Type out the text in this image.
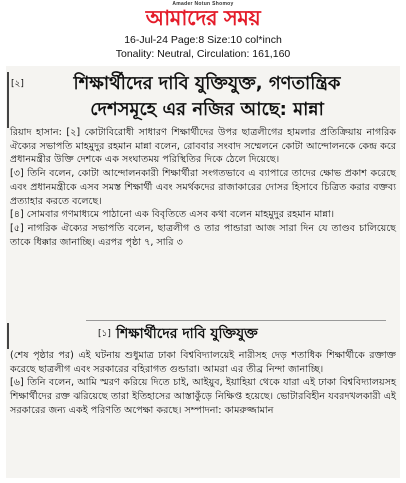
Amader Notun Shomoy
আমাদের সময়
16-Jul-24 Page:8 Size:10 col*inch
Tonality: Neutral, Circulation: 161,160
[২]	শিক্ষার্থীদের দাবি যুক্তিযুক্ত, গণতান্ত্রিক
দেশসমূহে এর নজির আছে: মান্না

রিয়াদ হাসান: [২] কোটাবিরোধী সাধারণ শিক্ষার্থীদের উপর ছাত্রলীগের হামলার প্রতিক্রিয়ায় নাগরিক ঐক্যের সভাপতি মাহমুদুর রহমান মান্না বলেন, রোববার সংবাদ সম্মেলনে কোটা আন্দোলনকে কেন্দ্র করে প্রধানমন্ত্রীর উক্তি দেশকে এক সংঘাতময় পরিস্থিতির দিকে ঠেলে দিয়েছে।

[৩] তিনি বলেন, কোটা আন্দোলনকারী শিক্ষার্থীরা সংগতভাবে এ ব্যাপারে তাদের ক্ষোভ প্রকাশ করেছে এবং প্রধানমন্ত্রীকে এসব সমস্ত শিক্ষার্থী এবং সমর্থকদের রাজাকারের দোসর হিসাবে চিত্রিত করার বক্তব্য প্রত্যাহার করতে বলেছে।

[৪] সোমবার গণমাধ্যমে পাঠানো এক বিবৃতিতে এসব কথা বলেন মাহমুদুর রহমান মান্না।

[৫] নাগরিক ঐক্যের সভাপতি বলেন, ছাত্রলীগ ও তার পান্ডারা আজ সারা দিন যে তাণ্ডব চালিয়েছে তাকে ধিক্কার জানাচ্ছি। এরপর পৃষ্ঠা ৭, সারি ৩

[১] শিক্ষার্থীদের দাবি যুক্তিযুক্ত

(শেষ পৃষ্ঠার পর) এই ঘটনায় শুধুমাত্র ঢাকা বিশ্ববিদ্যালয়েই নারীসহ দেড় শতাধিক শিক্ষার্থীকে রক্তাক্ত করেছে ছাত্রলীগ এবং সরকারের বহিরাগত গুন্ডারা। আমরা এর তীব্র নিন্দা জানাচ্ছি।

[৬] তিনি বলেন, আমি স্মরণ করিয়ে দিতে চাই, আইয়ুব, ইয়াহিয়া থেকে যারা এই ঢাকা বিশ্ববিদ্যালয়সহ শিক্ষার্থীদের রক্ত ঝরিয়েছে তারা ইতিহাসের আস্তাকুঁড়ে নিক্ষিপ্ত হয়েছে। ভোটারবিহীন যবরদখলকারী এই সরকারের জন্য একই পরিণতি অপেক্ষা করছে। সম্পাদনা: কামরুজ্জামান
